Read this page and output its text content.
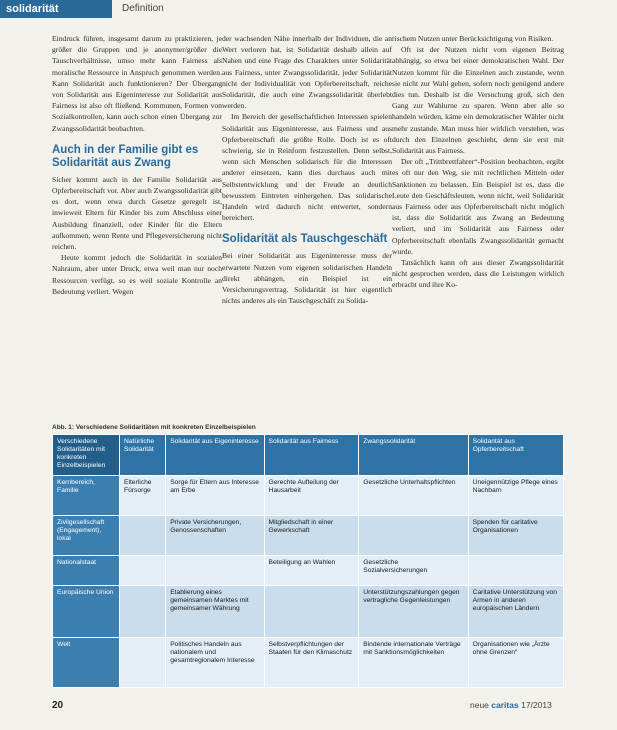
solidarität	Definition

Eindruck führen, insgesamt darum zu praktizieren, je größer die Gruppen und je anonymer/größer die Tauschverhältnisse, umso mehr kann Fairness als moralische Ressource in Anspruch genommen werden. Kann Solidarität auch funktionieren? Der Übergang von Solidarität aus Eigeninteresse zur Solidarität aus Fairness ist also oft fließend. Kommunen, Formen von Sozialkontrollen, kann auch schon einen Übergang zur Zwangssolidarität beobachten.

Auch in der Familie gibt es Solidarität aus Zwang

Sicher kommt auch in der Familie Solidarität aus Opferbereitschaft vor. Aber auch Zwangssolidarität gibt es dort, wenn etwa durch Gesetze geregelt ist, inwieweit Eltern für Kinder bis zum Abschluss einer Ausbildung finanziell, oder Kinder für die Eltern aufkommen, wenn Rente und Pflegeversicherung nicht reichen.

Heute kommt jedoch die Solidarität in sozialen Nahraum, aber unter Druck, etwa weil man nur noch Ressourcen verfügt, so es weil soziale Kontrolle an Bedeutung verliert. Wegen

der wachsenden Nähe innerhalb der Individuen, die an Wert verloren hat, ist Solidarität deshalb allein auf Nahen und eine Frage des Charakters unter Solidarität aus Fairness, unter Zwangssolidarität, jeder Solidarität nicht der Individualität von Opferbereitschaft, reiche Solidarität, die auch eine Zwangssolidarität überlebt werden.

Im Bereich der gesellschaftlichen Interessen spielen Solidarität aus Eigeninteresse, aus Fairness und aus Opferbereitschaft die größte Rolle. Doch ist es oft schwierig, sie in Reinform festzustellen. Denn selbst, wenn sich Menschen solidarisch für die Interessen anderer einsetzen, kann dies durchaus auch mit Selbstentwicklung und der Freude an deutlich bewusstem Eintreten einhergehen. Das solidarische Handeln wird dadurch nicht entwertet, sondern bereichert.

Solidarität als Tauschgeschäft

Bei einer Solidarität aus Eigeninteresse muss der erwartete Nutzen vom eigenen solidarischen Handeln direkt abhängen, ein Beispiel ist ein Versicherungsvertrag. Solidarität ist hier eigentlich nichts anderes als ein Tauschgeschäft zu Solida-

rischem Nutzen unter Berücksichtigung von Risiken.

Oft ist der Nutzen nicht vom eigenen Beitrag abhängig, so etwa bei einer demokratischen Wahl. Der Nutzen kommt für die Einzelnen auch zustande, wenn sie nicht zur Wahl gehen, sofern noch genügend andere dies tun. Deshalb ist die Versuchung groß, sich den Gang zur Wahlurne zu sparen. Wenn aber alle so handeln würden, käme ein demokratischer Wähler nicht mehr zustande. Man muss hier wirklich verstehen, was durch den Einzelnen geschieht, denn sie erst mit Solidarität aus Fairness.

Der oft „Trittbrettfahrer“-Position beobachten, ergibt es oft nur den Weg, sie mit rechtlichen Mitteln oder Sanktionen zu belassen. Ein Beispiel ist es, dass die Leute den Geschäftsleuten, wenn nicht, weil Solidarität aus Fairness oder aus Opferbereitschaft nicht möglich ist, dass die Solidarität aus Zwang an Bedeutung verliert, und im Solidarität aus Fairness oder Opferbereitschaft ebenfalls Zwangssolidarität gemacht wurde.

Tatsächlich kann oft aus dieser Zwangssolidarität nicht gesprochen werden, dass die Leistungen wirklich erbracht und ihre Ko-

Abb. 1: Verschiedene Solidaritäten mit konkreten Einzelbeispielen
Verschiedene Solidaritäten mit konkreten Einzelbeispielen	Natürliche Solidarität	Solidarität aus Eigeninteresse	Solidarität aus Fairness	Zwangssolidarität	Solidarität aus Opferbereitschaft
Kernbereich, Familie	Elterliche Fürsorge	Sorge für Eltern aus Interesse am Erbe	Gerechte Aufteilung der Hausarbeit	Gesetzliche Unterhaltspflichten	Uneigennützige Pflege eines Nachbarn
Zivilgesellschaft (Engagement), lokal		Private Versicherungen, Genossenschaften	Mitgliedschaft in einer Gewerkschaft		Spenden für caritative Organisationen
Nationalstaat			Beteiligung an Wahlen	Gesetzliche Sozialversicherungen	
Europäische Union		Etablierung eines gemeinsamen Marktes mit gemeinsamer Währung		Unterstützungszahlungen gegen vertragliche Gegenleistungen	Caritative Unterstützung von Armen in anderen europäischen Ländern
Welt		Politisches Handeln aus nationalem und gesamtregionalem Interesse	Selbstverpflichtungen der Staaten für den Klimaschutz	Bindende internationale Verträge mit Sanktionsmöglichkeiten	Organisationen wie „Ärzte ohne Grenzen“
20	neue caritas 17/2013
